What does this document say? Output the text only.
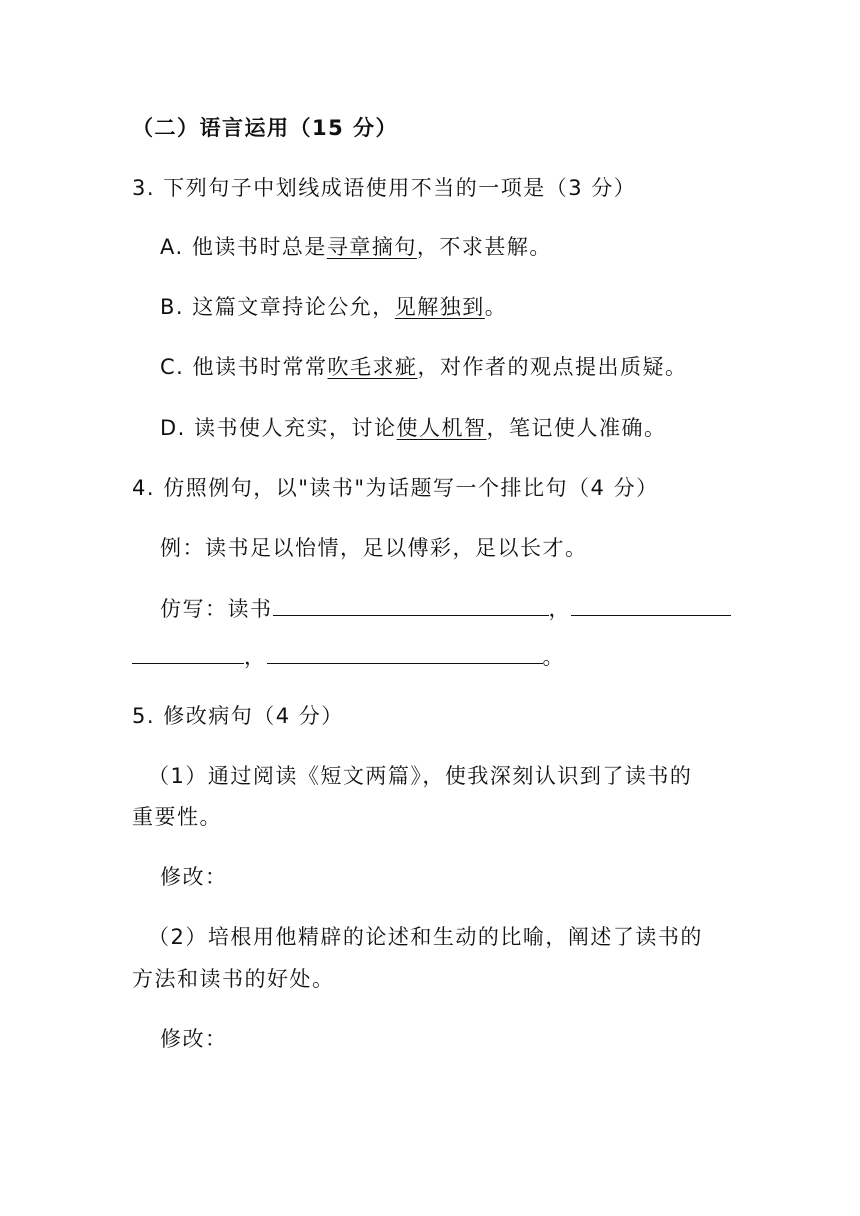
（二）语言运用（15 分）
3. 下列句子中划线成语使用不当的一项是（3 分）
A. 他读书时总是寻章摘句，不求甚解。
B. 这篇文章持论公允，见解独到。
C. 他读书时常常吹毛求疵，对作者的观点提出质疑。
D. 读书使人充实，讨论使人机智，笔记使人准确。
4. 仿照例句，以"读书"为话题写一个排比句（4 分）
例：读书足以怡情，足以傅彩，足以长才。
仿写：读书	，
，	。
5. 修改病句（4 分）
（1）通过阅读《短文两篇》，使我深刻认识到了读书的
重要性。
修改：
（2）培根用他精辟的论述和生动的比喻，阐述了读书的
方法和读书的好处。
修改：
